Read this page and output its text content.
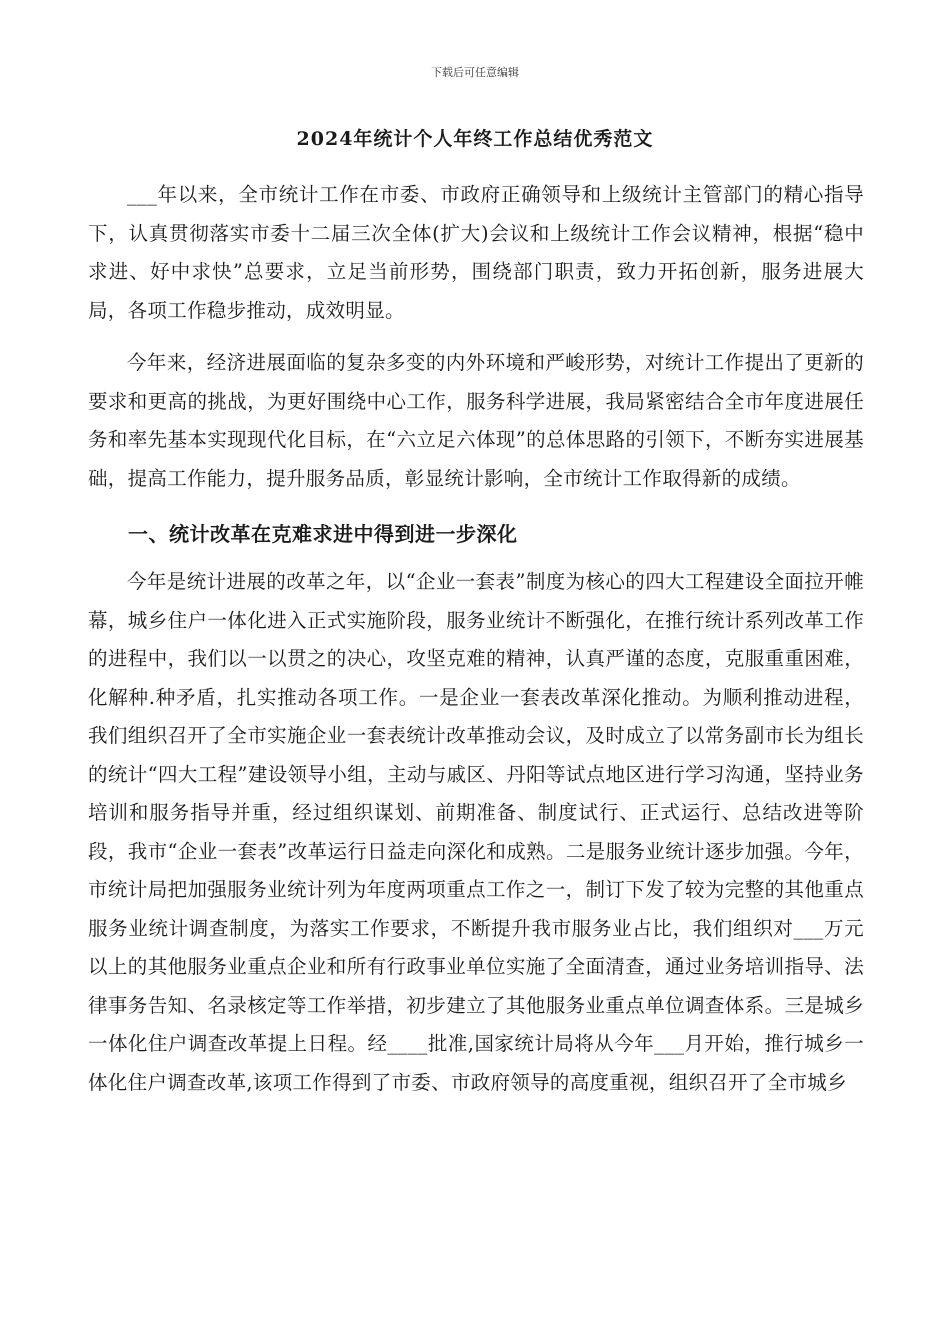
下载后可任意编辑
2024年统计个人年终工作总结优秀范文

___年以来，全市统计工作在市委、市政府正确领导和上级统计主管部门的精心指导下，认真贯彻落实市委十二届三次全体(扩大)会议和上级统计工作会议精神，根据“稳中求进、好中求快”总要求，立足当前形势，围绕部门职责，致力开拓创新，服务进展大局，各项工作稳步推动，成效明显。

今年来，经济进展面临的复杂多变的内外环境和严峻形势，对统计工作提出了更新的要求和更高的挑战，为更好围绕中心工作，服务科学进展，我局紧密结合全市年度进展任务和率先基本实现现代化目标，在“六立足六体现”的总体思路的引领下，不断夯实进展基础，提高工作能力，提升服务品质，彰显统计影响，全市统计工作取得新的成绩。

一、统计改革在克难求进中得到进一步深化

今年是统计进展的改革之年，以“企业一套表”制度为核心的四大工程建设全面拉开帷幕，城乡住户一体化进入正式实施阶段，服务业统计不断强化，在推行统计系列改革工作的进程中，我们以一以贯之的决心，攻坚克难的精神，认真严谨的态度，克服重重困难，化解种.种矛盾，扎实推动各项工作。一是企业一套表改革深化推动。为顺利推动进程，我们组织召开了全市实施企业一套表统计改革推动会议，及时成立了以常务副市长为组长的统计“四大工程”建设领导小组，主动与戚区、丹阳等试点地区进行学习沟通，坚持业务培训和服务指导并重，经过组织谋划、前期准备、制度试行、正式运行、总结改进等阶段，我市“企业一套表”改革运行日益走向深化和成熟。二是服务业统计逐步加强。今年，市统计局把加强服务业统计列为年度两项重点工作之一，制订下发了较为完整的其他重点服务业统计调查制度，为落实工作要求，不断提升我市服务业占比，我们组织对___万元以上的其他服务业重点企业和所有行政事业单位实施了全面清查，通过业务培训指导、法律事务告知、名录核定等工作举措，初步建立了其他服务业重点单位调查体系。三是城乡一体化住户调查改革提上日程。经____批准,国家统计局将从今年___月开始，推行城乡一体化住户调查改革,该项工作得到了市委、市政府领导的高度重视，组织召开了全市城乡
